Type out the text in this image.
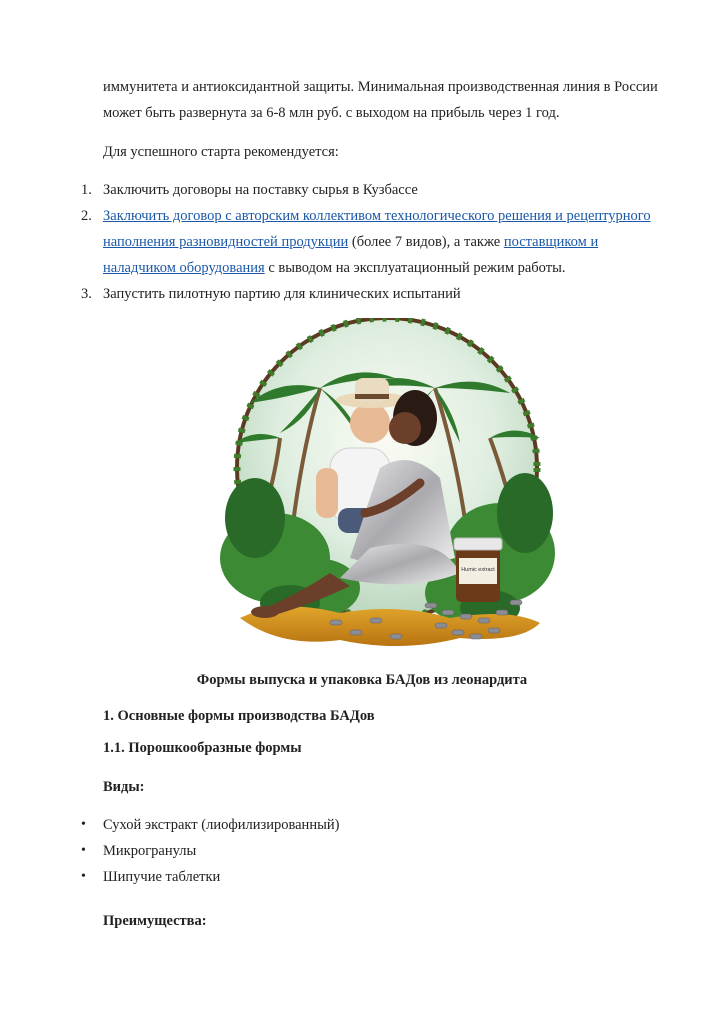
иммунитета и антиоксидантной защиты. Минимальная производственная линия в России

может быть развернута за 6-8 млн руб. с выходом на прибыль через 1 год.

Для успешного старта рекомендуется:

1. Заключить договоры на поставку сырья в Кузбассе

2. Заключить договор с авторским коллективом технологического решения и рецептурного

наполнения разновидностей продукции (более 7 видов), а также поставщиком и

наладчиком оборудования с выводом на эксплуатационный режим работы.

3. Запустить пилотную партию для клинических испытаний

Humic extract
Формы выпуска и упаковка БАДов из леонардита

1. Основные формы производства БАДов

1.1. Порошкообразные формы

Виды:

• Сухой экстракт (лиофилизированный)

• Микрогранулы

• Шипучие таблетки

Преимущества:
